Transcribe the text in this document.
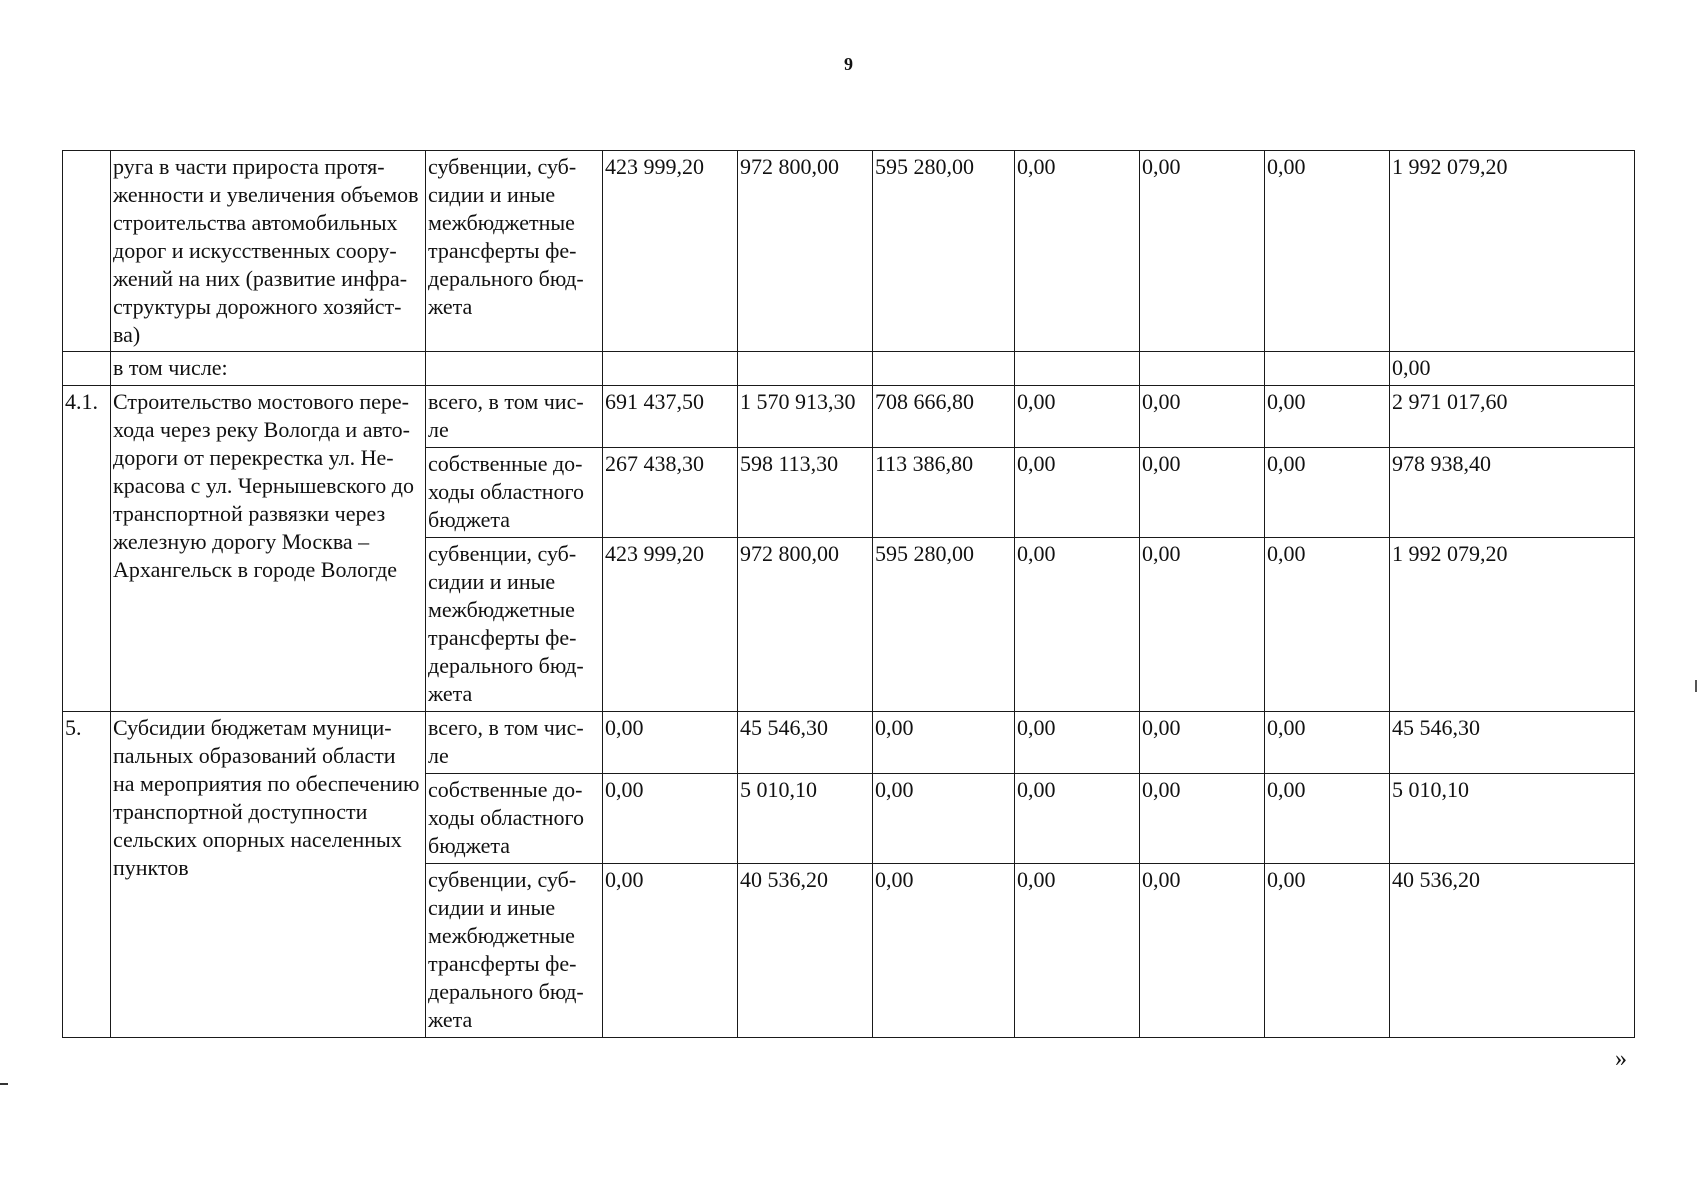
9
	руга в части прироста протя-женности и увеличения объемов строительства автомобильных дорог и искусственных соору-жений на них (развитие инфра-структуры дорожного хозяйст-ва)	субвенции, суб-сидии и иные межбюджетные трансферты фе-дерального бюд-жета	423 999,20	972 800,00	595 280,00	0,00	0,00	0,00	1 992 079,20
	в том числе:								0,00
4.1.	Строительство мостового пере-хода через реку Вологда и авто-дороги от перекрестка ул. Не-красова с ул. Чернышевского до транспортной развязки через железную дорогу Москва – Архангельск в городе Вологде	всего, в том чис-ле	691 437,50	1 570 913,30	708 666,80	0,00	0,00	0,00	2 971 017,60
		собственные до-ходы областного бюджета	267 438,30	598 113,30	113 386,80	0,00	0,00	0,00	978 938,40
		субвенции, суб-сидии и иные межбюджетные трансферты фе-дерального бюд-жета	423 999,20	972 800,00	595 280,00	0,00	0,00	0,00	1 992 079,20
5.	Субсидии бюджетам муници-пальных образований области на мероприятия по обеспечению транспортной доступности сельских опорных населенных пунктов	всего, в том чис-ле	0,00	45 546,30	0,00	0,00	0,00	0,00	45 546,30
		собственные до-ходы областного бюджета	0,00	5 010,10	0,00	0,00	0,00	0,00	5 010,10
		субвенции, суб-сидии и иные межбюджетные трансферты фе-дерального бюд-жета	0,00	40 536,20	0,00	0,00	0,00	0,00	40 536,20
»
